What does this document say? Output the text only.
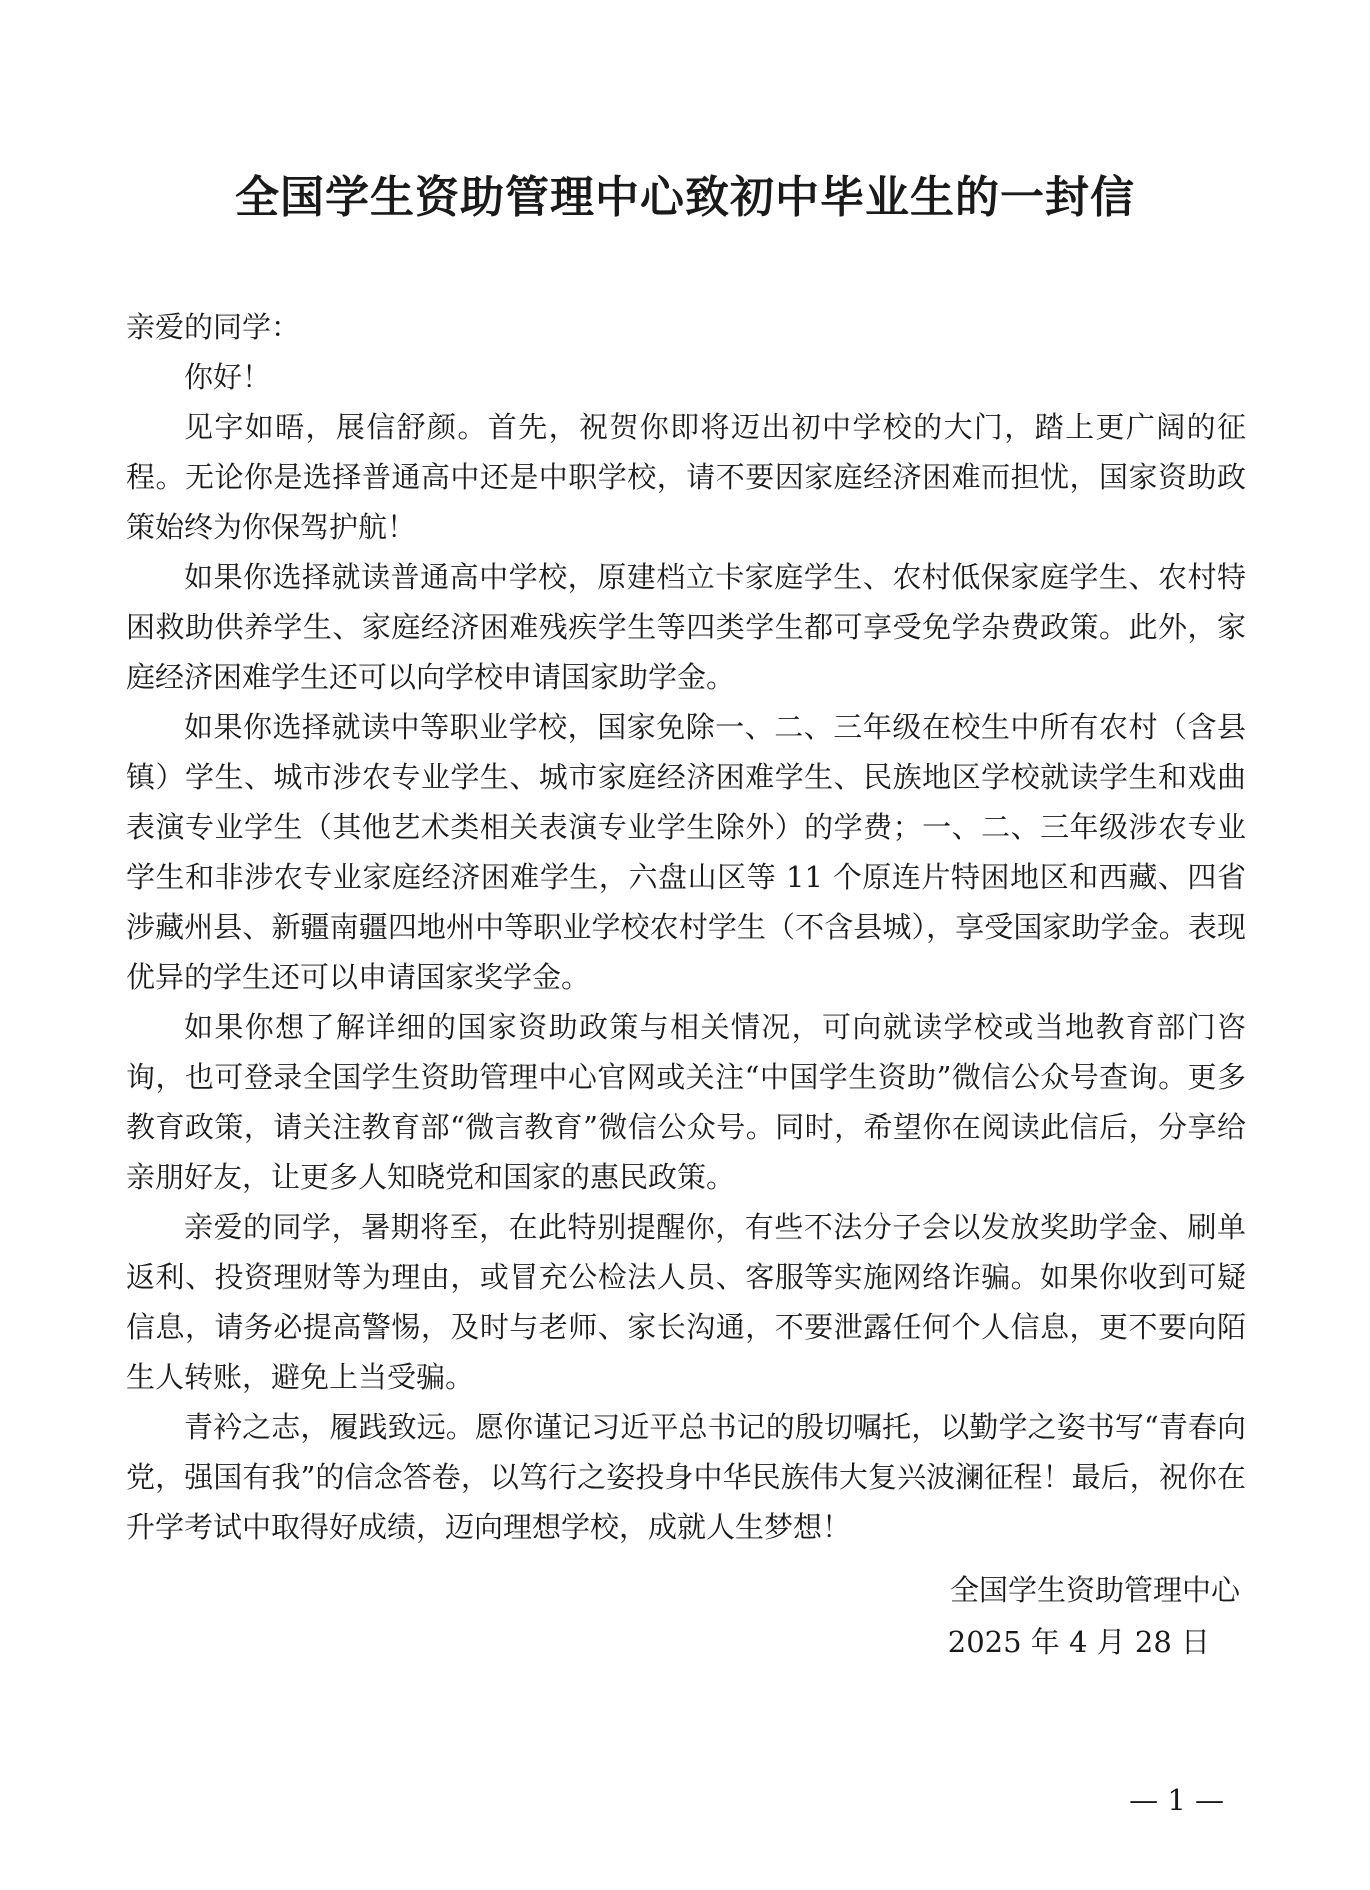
全国学生资助管理中心致初中毕业生的一封信

亲爱的同学：

你好！

见字如晤，展信舒颜。首先，祝贺你即将迈出初中学校的大门，踏上更广阔的征程。无论你是选择普通高中还是中职学校，请不要因家庭经济困难而担忧，国家资助政策始终为你保驾护航！

如果你选择就读普通高中学校，原建档立卡家庭学生、农村低保家庭学生、农村特困救助供养学生、家庭经济困难残疾学生等四类学生都可享受免学杂费政策。此外，家庭经济困难学生还可以向学校申请国家助学金。

如果你选择就读中等职业学校，国家免除一、二、三年级在校生中所有农村（含县镇）学生、城市涉农专业学生、城市家庭经济困难学生、民族地区学校就读学生和戏曲表演专业学生（其他艺术类相关表演专业学生除外）的学费；一、二、三年级涉农专业学生和非涉农专业家庭经济困难学生，六盘山区等 11 个原连片特困地区和西藏、四省涉藏州县、新疆南疆四地州中等职业学校农村学生（不含县城），享受国家助学金。表现优异的学生还可以申请国家奖学金。

如果你想了解详细的国家资助政策与相关情况，可向就读学校或当地教育部门咨询，也可登录全国学生资助管理中心官网或关注“中国学生资助”微信公众号查询。更多教育政策，请关注教育部“微言教育”微信公众号。同时，希望你在阅读此信后，分享给亲朋好友，让更多人知晓党和国家的惠民政策。

亲爱的同学，暑期将至，在此特别提醒你，有些不法分子会以发放奖助学金、刷单返利、投资理财等为理由，或冒充公检法人员、客服等实施网络诈骗。如果你收到可疑信息，请务必提高警惕，及时与老师、家长沟通，不要泄露任何个人信息，更不要向陌生人转账，避免上当受骗。

青衿之志，履践致远。愿你谨记习近平总书记的殷切嘱托，以勤学之姿书写“青春向党，强国有我”的信念答卷，以笃行之姿投身中华民族伟大复兴波澜征程！最后，祝你在升学考试中取得好成绩，迈向理想学校，成就人生梦想！

全国学生资助管理中心

2025 年 4 月 28 日

— 1 —
